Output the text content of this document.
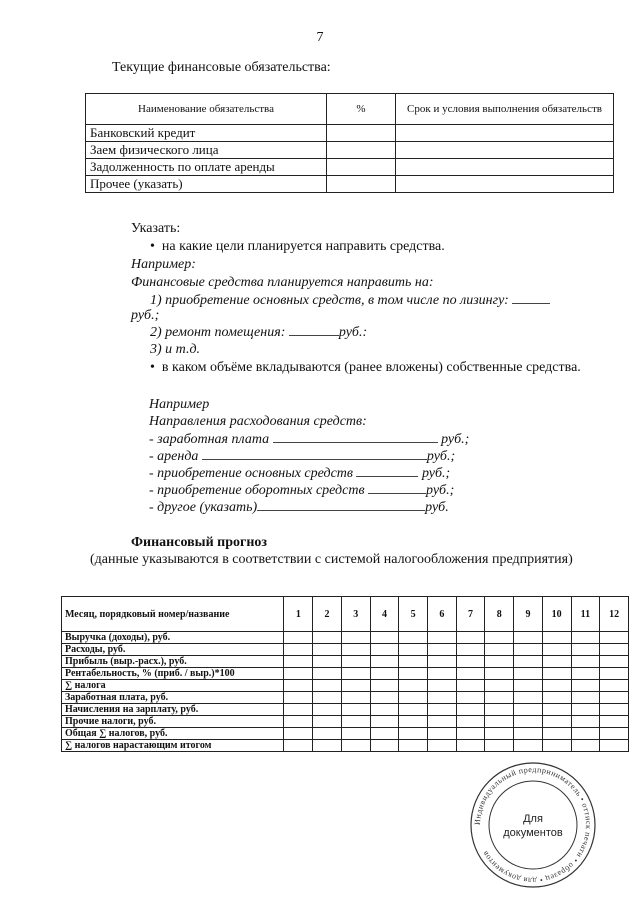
7
Текущие финансовые обязательства:
Наименование обязательства	%	Срок и условия выполнения обязательств
Банковский кредит		
Заем физического лица		
Задолженность по оплате аренды		
Прочее (указать)		
Указать:
•  на какие цели планируется направить средства.
Например:
Финансовые средства планируется направить на:
1) приобретение основных средств, в том числе по лизингу:
руб.;
2) ремонт помещения:	руб.:
3) и т.д.
•  в каком объёме вкладываются (ранее вложены) собственные средства.
Например
Направления расходования средств:
- заработная плата	руб.;
- аренда	руб.;
- приобретение основных средств	руб.;
- приобретение оборотных средств	руб.;
- другое (указать)	руб.
Финансовый прогноз
(данные указываются в соответствии с системой налогообложения предприятия)
Месяц, порядковый номер/название	1	2	3	4	5	6	7	8	9	10	11	12
Выручка (доходы), руб.												
Расходы, руб.												
Прибыль (выр.-расх.), руб.												
Рентабельность, % (приб. / выр.)*100												
∑ налога												
Заработная плата, руб.												
Начисления на зарплату, руб.												
Прочие налоги, руб.												
Общая ∑ налогов, руб.												
∑ налогов нарастающим итогом												
Индивидуальный предприниматель • оттиск печати • образец • для документов
Для
документов
